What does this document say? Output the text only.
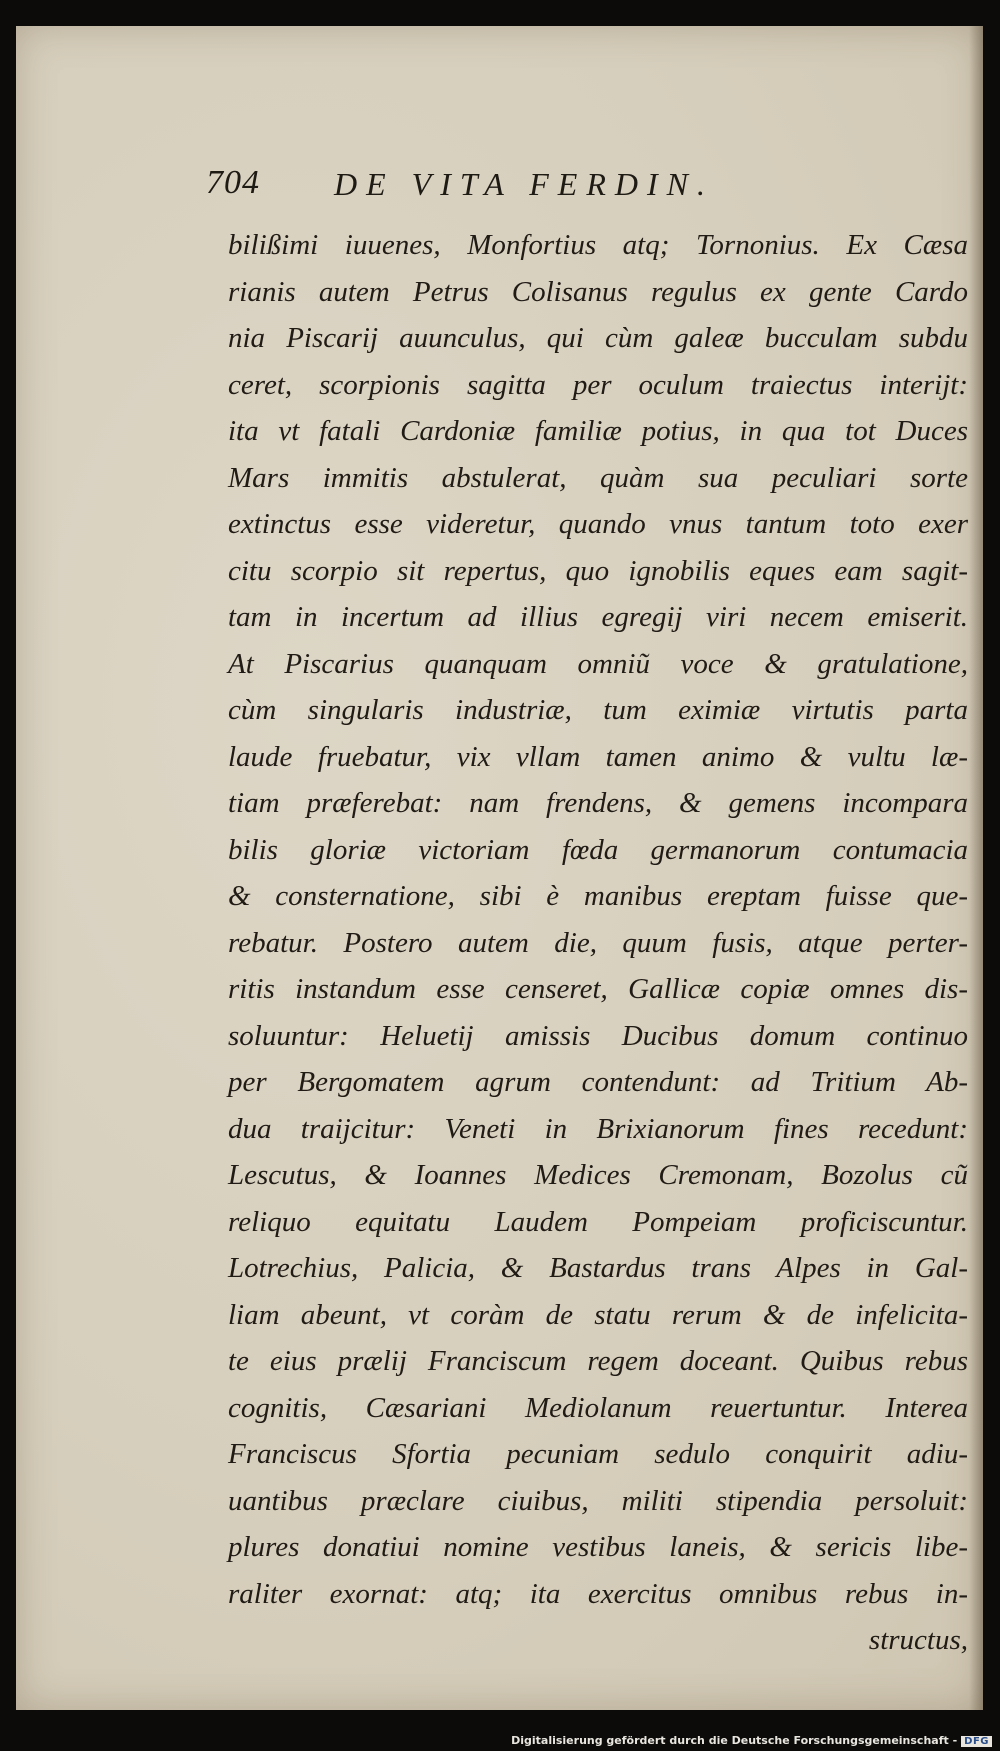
704 DE VITA FERDIN.
bilißimi iuuenes, Monfortius atq; Tornonius. Ex Cæsa
rianis autem Petrus Colisanus regulus ex gente Cardo
nia Piscarij auunculus, qui cùm galeæ bucculam subdu
ceret, scorpionis sagitta per oculum traiectus interijt:
ita vt fatali Cardoniæ familiæ potius, in qua tot Duces
Mars immitis abstulerat, quàm sua peculiari sorte
extinctus esse videretur, quando vnus tantum toto exer
citu scorpio sit repertus, quo ignobilis eques eam sagit-
tam in incertum ad illius egregij viri necem emiserit.
At Piscarius quanquam omniũ voce & gratulatione,
cùm singularis industriæ, tum eximiæ virtutis parta
laude fruebatur, vix vllam tamen animo & vultu læ-
tiam præferebat: nam frendens, & gemens incompara
bilis gloriæ victoriam fœda germanorum contumacia
& consternatione, sibi è manibus ereptam fuisse que-
rebatur. Postero autem die, quum fusis, atque perter-
ritis instandum esse censeret, Gallicæ copiæ omnes dis-
soluuntur: Heluetij amissis Ducibus domum continuo
per Bergomatem agrum contendunt: ad Tritium Ab-
dua traijcitur: Veneti in Brixianorum fines recedunt:
Lescutus, & Ioannes Medices Cremonam, Bozolus cũ
reliquo equitatu Laudem Pompeiam proficiscuntur.
Lotrechius, Palicia, & Bastardus trans Alpes in Gal-
liam abeunt, vt coràm de statu rerum & de infelicita-
te eius prælij Franciscum regem doceant. Quibus rebus
cognitis, Cæsariani Mediolanum reuertuntur. Interea
Franciscus Sfortia pecuniam sedulo conquirit adiu-
uantibus præclare ciuibus, militi stipendia persoluit:
plures donatiui nomine vestibus laneis, & sericis libe-
raliter exornat: atq; ita exercitus omnibus rebus in-
structus,
Digitalisierung gefördert durch die Deutsche Forschungsgemeinschaft - DFG
